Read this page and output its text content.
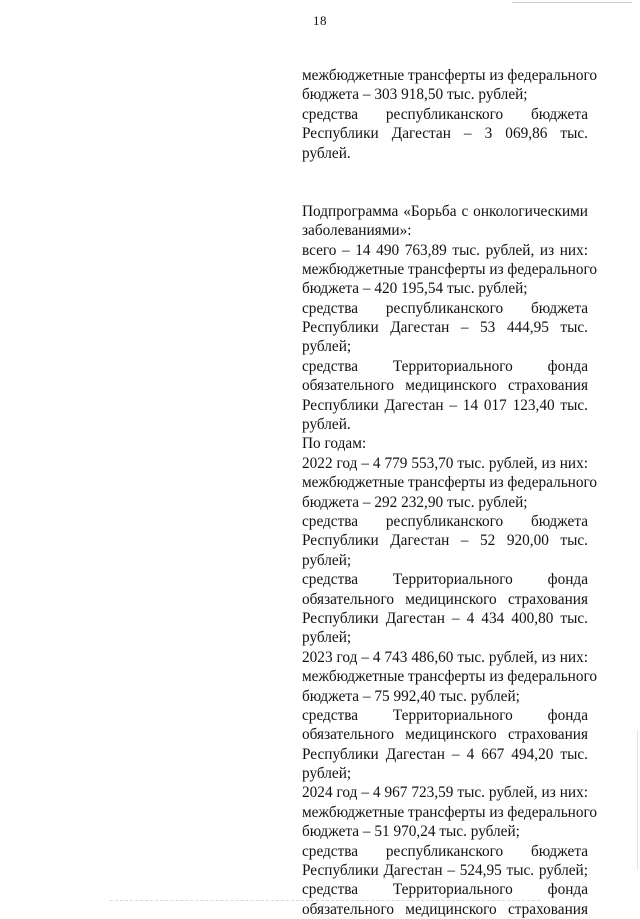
18
межбюджетные трансферты из федерального
бюджета – 303 918,50 тыс. рублей;
средства республиканского бюджета
Республики Дагестан – 3 069,86 тыс.
рублей.
Подпрограмма «Борьба с онкологическими
заболеваниями»:
всего – 14 490 763,89 тыс. рублей, из них:
межбюджетные трансферты из федерального
бюджета – 420 195,54 тыс. рублей;
средства республиканского бюджета
Республики Дагестан – 53 444,95 тыс.
рублей;
средства Территориального фонда
обязательного медицинского страхования
Республики Дагестан – 14 017 123,40 тыс.
рублей.
По годам:
2022 год – 4 779 553,70 тыс. рублей, из них:
межбюджетные трансферты из федерального
бюджета – 292 232,90 тыс. рублей;
средства республиканского бюджета
Республики Дагестан – 52 920,00 тыс.
рублей;
средства Территориального фонда
обязательного медицинского страхования
Республики Дагестан – 4 434 400,80 тыс.
рублей;
2023 год – 4 743 486,60 тыс. рублей, из них:
межбюджетные трансферты из федерального
бюджета – 75 992,40 тыс. рублей;
средства Территориального фонда
обязательного медицинского страхования
Республики Дагестан – 4 667 494,20 тыс.
рублей;
2024 год – 4 967 723,59 тыс. рублей, из них:
межбюджетные трансферты из федерального
бюджета – 51 970,24 тыс. рублей;
средства республиканского бюджета
Республики Дагестан – 524,95 тыс. рублей;
средства Территориального фонда
обязательного медицинского страхования
